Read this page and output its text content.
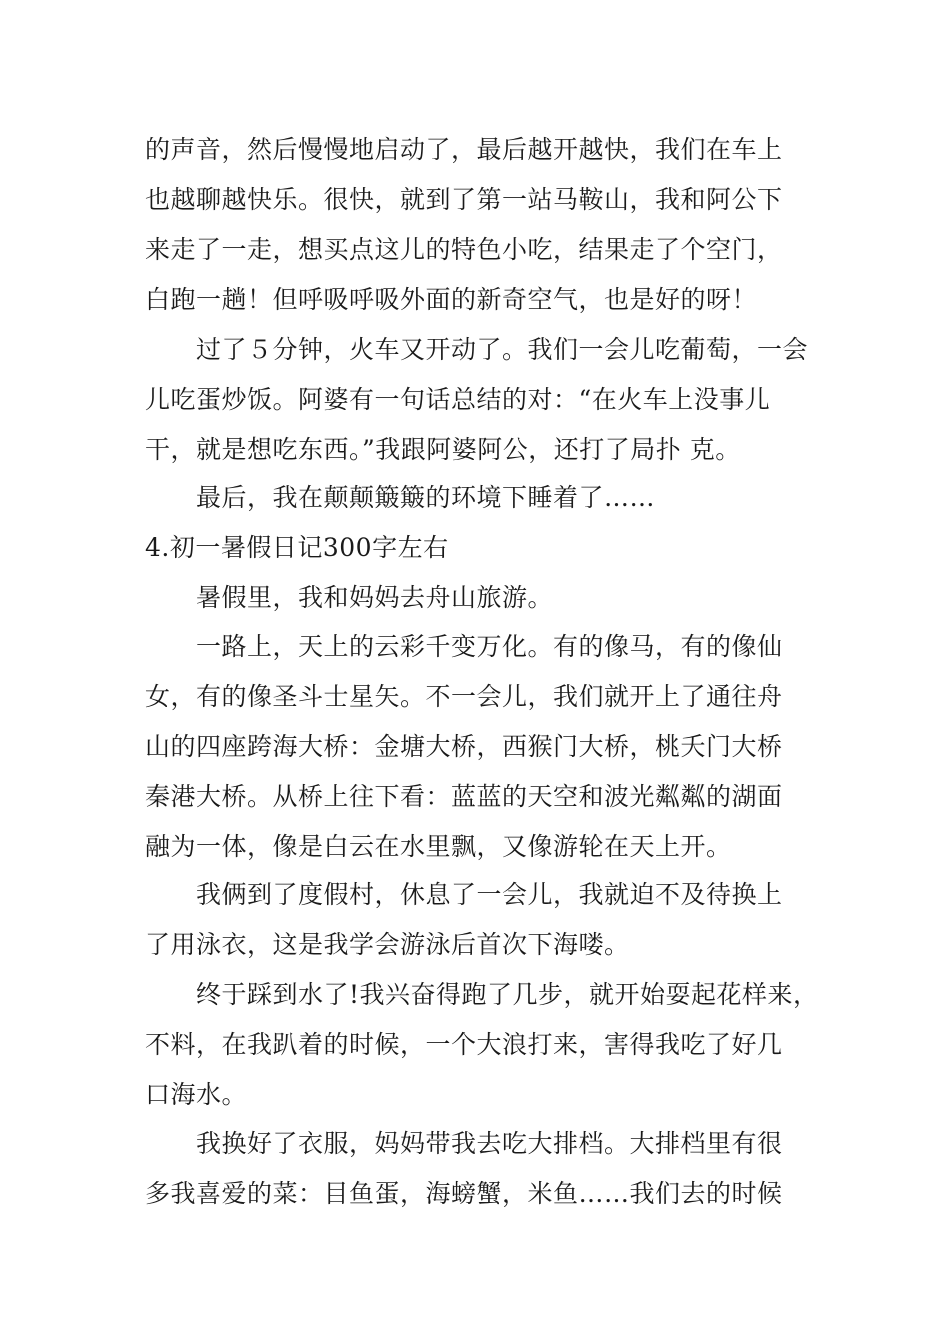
的声音，然后慢慢地启动了，最后越开越快，我们在车上
也越聊越快乐。很快，就到了第一站马鞍山，我和阿公下
来走了一走，想买点这儿的特色小吃，结果走了个空门，
白跑一趟！但呼吸呼吸外面的新奇空气，也是好的呀！
过了５分钟，火车又开动了。我们一会儿吃葡萄，一会
儿吃蛋炒饭。阿婆有一句话总结的对：“在火车上没事儿
干，就是想吃东西。”我跟阿婆阿公，还打了局扑 克。
最后，我在颠颠簸簸的环境下睡着了……
4.初一暑假日记300字左右
暑假里，我和妈妈去舟山旅游。
一路上，天上的云彩千变万化。有的像马，有的像仙
女，有的像圣斗士星矢。不一会儿，我们就开上了通往舟
山的四座跨海大桥：金塘大桥，西猴门大桥，桃夭门大桥
秦港大桥。从桥上往下看：蓝蓝的天空和波光粼粼的湖面
融为一体，像是白云在水里飘，又像游轮在天上开。
我俩到了度假村，休息了一会儿，我就迫不及待换上
了用泳衣，这是我学会游泳后首次下海喽。
终于踩到水了!我兴奋得跑了几步，就开始耍起花样来，
不料，在我趴着的时候，一个大浪打来，害得我吃了好几
口海水。
我换好了衣服，妈妈带我去吃大排档。大排档里有很
多我喜爱的菜：目鱼蛋，海螃蟹，米鱼……我们去的时候
